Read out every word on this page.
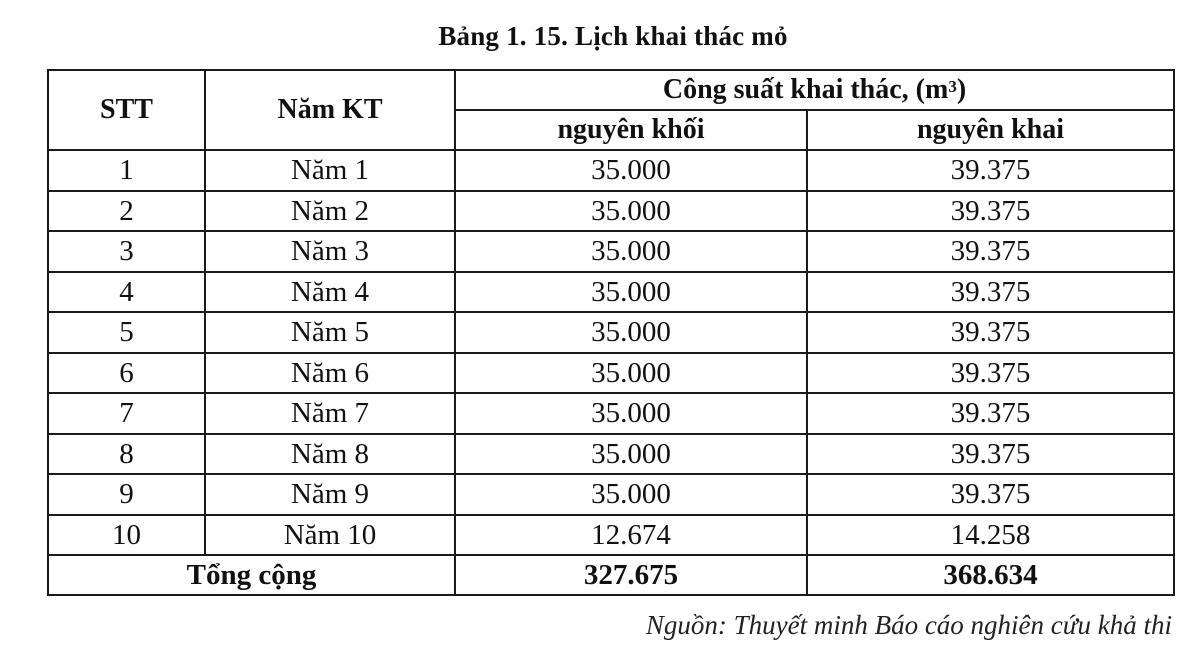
Bảng 1. 15. Lịch khai thác mỏ
STT	Năm KT	Công suất khai thác, $(m^3)$	
		nguyên khối	nguyên khai
1	Năm 1	35.000	39.375
2	Năm 2	35.000	39.375
3	Năm 3	35.000	39.375
4	Năm 4	35.000	39.375
5	Năm 5	35.000	39.375
6	Năm 6	35.000	39.375
7	Năm 7	35.000	39.375
8	Năm 8	35.000	39.375
9	Năm 9	35.000	39.375
10	Năm 10	12.674	14.258
Tổng cộng		327.675	368.634
Nguồn: Thuyết minh Báo cáo nghiên cứu khả thi
